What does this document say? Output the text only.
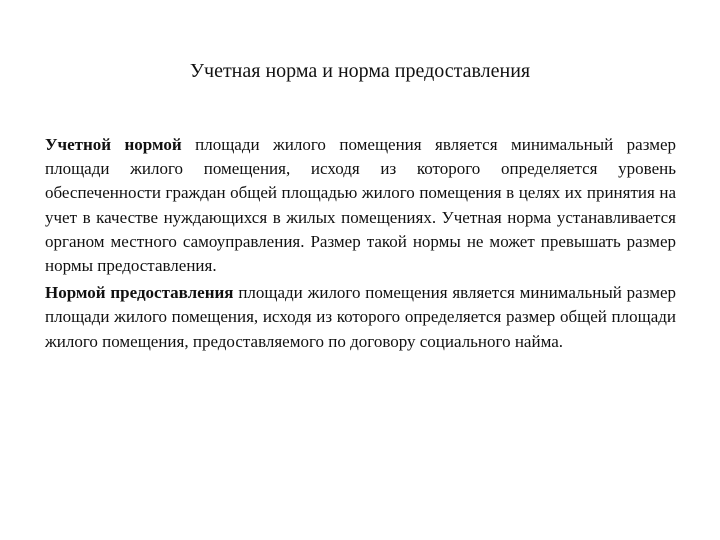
Учетная норма и норма предоставления

Учетной нормой площади жилого помещения является минимальный размер площади жилого помещения, исходя из которого определяется уровень обеспеченности граждан общей площадью жилого помещения в целях их принятия на учет в качестве нуждающихся в жилых помещениях. Учетная норма устанавливается органом местного самоуправления. Размер такой нормы не может превышать размер нормы предоставления.

Нормой предоставления площади жилого помещения является минимальный размер площади жилого помещения, исходя из которого определяется размер общей площади жилого помещения, предоставляемого по договору социального найма.
